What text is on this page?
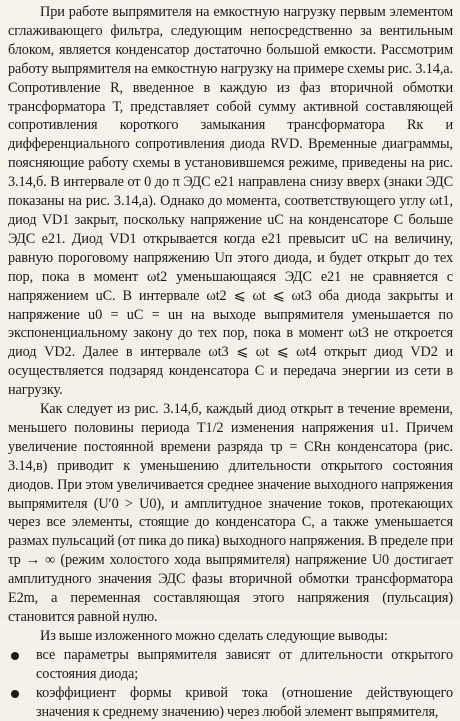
При работе выпрямителя на емкостную нагрузку первым элементом сглаживающего фильтра, следующим непосредственно за вентильным блоком, является конденсатор достаточно большой емкости. Рассмотрим работу выпрямителя на емкостную нагрузку на примере схемы рис. 3.14,а. Сопротивление R, введенное в каждую из фаз вторичной обмотки трансформатора Т, представляет собой сумму активной составляющей сопротивления короткого замыкания трансформатора Rк и дифференциального сопротивления диода RVD. Временные диаграммы, поясняющие работу схемы в установившемся режиме, приведены на рис. 3.14,б. В интервале от 0 до π ЭДС e21 направлена снизу вверх (знаки ЭДС показаны на рис. 3.14,а). Однако до момента, соответствующего углу ωt1, диод VD1 закрыт, поскольку напряжение uC на конденсаторе С больше ЭДС e21. Диод VD1 открывается когда e21 превысит uC на величину, равную пороговому напряжению Uп этого диода, и будет открыт до тех пор, пока в момент ωt2 уменьшающаяся ЭДС e21 не сравняется с напряжением uC. В интервале ωt2 ⩽ ωt ⩽ ωt3 оба диода закрыты и напряжение u0 = uC = uн на выходе выпрямителя уменьшается по экспоненциальному закону до тех пор, пока в момент ωt3 не откроется диод VD2. Далее в интервале ωt3 ⩽ ωt ⩽ ωt4 открыт диод VD2 и осуществляется подзаряд конденсатора С и передача энергии из сети в нагрузку.

Как следует из рис. 3.14,б, каждый диод открыт в течение времени, меньшего половины периода T1/2 изменения напряжения u1. Причем увеличение постоянной времени разряда τр = CRн конденсатора (рис. 3.14,в) приводит к уменьшению длительности открытого состояния диодов. При этом увеличивается среднее значение выходного напряжения выпрямителя (U′0 > U0), и амплитудное значение токов, протекающих через все элементы, стоящие до конденсатора С, а также уменьшается размах пульсаций (от пика до пика) выходного напряжения. В пределе при τр → ∞ (режим холостого хода выпрямителя) напряжение U0 достигает амплитудного значения ЭДС фазы вторичной обмотки трансформатора E2m, а переменная составляющая этого напряжения (пульсация) становится равной нулю.

Из выше изложенного можно сделать следующие выводы:

все параметры выпрямителя зависят от длительности открытого состояния диода;
коэффициент формы кривой тока (отношение действующего значения к среднему значению) через любой элемент выпрямителя,
